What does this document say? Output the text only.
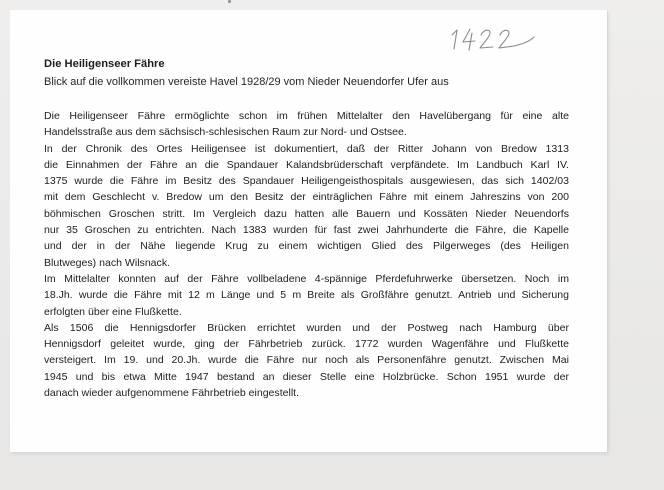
Die Heiligenseer Fähre
Blick auf die vollkommen vereiste Havel 1928/29 vom Nieder Neuendorfer Ufer aus
Die Heiligenseer Fähre ermöglichte schon im frühen Mittelalter den Havelübergang für eine alte
Handelsstraße aus dem sächsisch-schlesischen Raum zur Nord- und Ostsee.
In der Chronik des Ortes Heiligensee ist dokumentiert, daß der Ritter Johann von Bredow 1313
die Einnahmen der Fähre an die Spandauer Kalandsbrüderschaft verpfändete. Im Landbuch Karl IV.
1375 wurde die Fähre im Besitz des Spandauer Heiligengeisthospitals ausgewiesen, das sich 1402/03
mit dem Geschlecht v. Bredow um den Besitz der einträglichen Fähre mit einem Jahreszins von 200
böhmischen Groschen stritt. Im Vergleich dazu hatten alle Bauern und Kossäten Nieder Neuendorfs
nur 35 Groschen zu entrichten. Nach 1383 wurden für fast zwei Jahrhunderte die Fähre, die Kapelle
und der in der Nähe liegende Krug zu einem wichtigen Glied des Pilgerweges (des Heiligen
Blutweges) nach Wilsnack.
Im Mittelalter konnten auf der Fähre vollbeladene 4-spännige Pferdefuhrwerke übersetzen. Noch im
18.Jh. wurde die Fähre mit 12 m Länge und 5 m Breite als Großfähre genutzt. Antrieb und Sicherung
erfolgten über eine Flußkette.
Als 1506 die Hennigsdorfer Brücken errichtet wurden und der Postweg nach Hamburg über
Hennigsdorf geleitet wurde, ging der Fährbetrieb zurück. 1772 wurden Wagenfähre und Flußkette
versteigert. Im 19. und 20.Jh. wurde die Fähre nur noch als Personenfähre genutzt. Zwischen Mai
1945 und bis etwa Mitte 1947 bestand an dieser Stelle eine Holzbrücke. Schon 1951 wurde der
danach wieder aufgenommene Fährbetrieb eingestellt.
